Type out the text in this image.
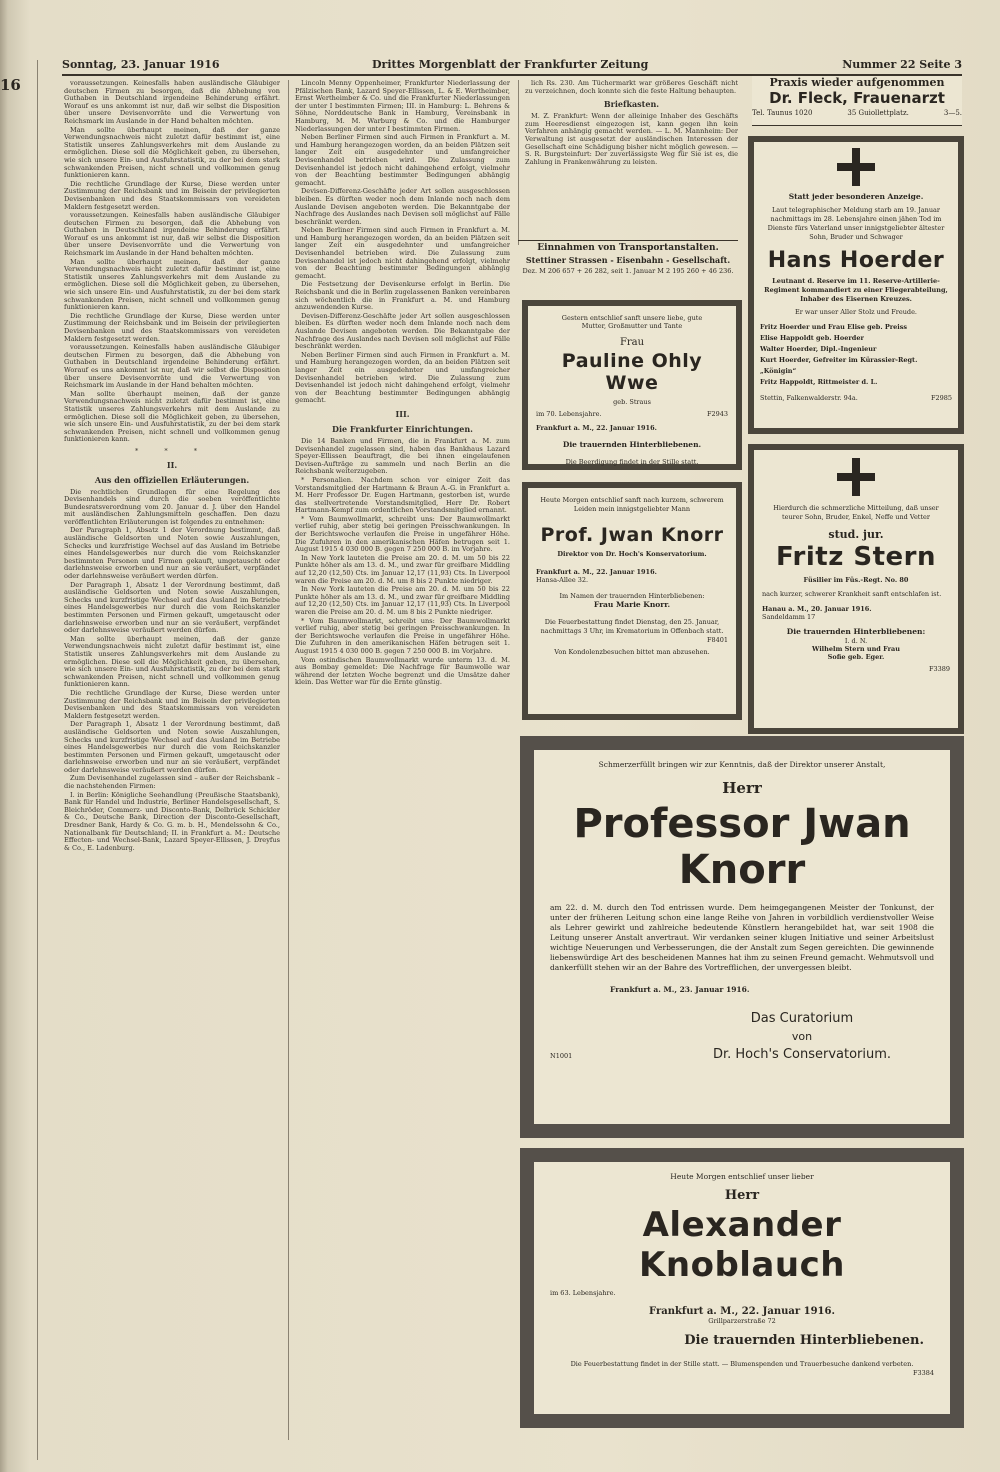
16
Sonntag, 23. Januar 1916	Drittes Morgenblatt der Frankfurter Zeitung	Nummer 22 Seite 3

voraussetzungen. Keinesfalls haben ausländische Gläubiger deutschen Firmen zu besorgen, daß die Abhebung von Guthaben in Deutschland irgendeine Behinderung erfährt. Worauf es uns ankommt ist nur, daß wir selbst die Disposition über unsere Devisenvorräte und die Verwertung von Reichsmark im Auslande in der Hand behalten möchten.

Man sollte überhaupt meinen, daß der ganze Verwendungsnachweis nicht zuletzt dafür bestimmt ist, eine Statistik unseres Zahlungsverkehrs mit dem Auslande zu ermöglichen. Diese soll die Möglichkeit geben, zu übersehen, wie sich unsere Ein- und Ausfuhrstatistik, zu der bei dem stark schwankenden Preisen, nicht schnell und vollkommen genug funktionieren kann.

Die rechtliche Grundlage der Kurse, Diese werden unter Zustimmung der Reichsbank und im Beisein der privilegierten Devisenbanken und des Staatskommissars von vereideten Maklern festgesetzt werden.

voraussetzungen. Keinesfalls haben ausländische Gläubiger deutschen Firmen zu besorgen, daß die Abhebung von Guthaben in Deutschland irgendeine Behinderung erfährt. Worauf es uns ankommt ist nur, daß wir selbst die Disposition über unsere Devisenvorräte und die Verwertung von Reichsmark im Auslande in der Hand behalten möchten.

Man sollte überhaupt meinen, daß der ganze Verwendungsnachweis nicht zuletzt dafür bestimmt ist, eine Statistik unseres Zahlungsverkehrs mit dem Auslande zu ermöglichen. Diese soll die Möglichkeit geben, zu übersehen, wie sich unsere Ein- und Ausfuhrstatistik, zu der bei dem stark schwankenden Preisen, nicht schnell und vollkommen genug funktionieren kann.

Die rechtliche Grundlage der Kurse, Diese werden unter Zustimmung der Reichsbank und im Beisein der privilegierten Devisenbanken und des Staatskommissars von vereideten Maklern festgesetzt werden.

voraussetzungen. Keinesfalls haben ausländische Gläubiger deutschen Firmen zu besorgen, daß die Abhebung von Guthaben in Deutschland irgendeine Behinderung erfährt. Worauf es uns ankommt ist nur, daß wir selbst die Disposition über unsere Devisenvorräte und die Verwertung von Reichsmark im Auslande in der Hand behalten möchten.

Man sollte überhaupt meinen, daß der ganze Verwendungsnachweis nicht zuletzt dafür bestimmt ist, eine Statistik unseres Zahlungsverkehrs mit dem Auslande zu ermöglichen. Diese soll die Möglichkeit geben, zu übersehen, wie sich unsere Ein- und Ausfuhrstatistik, zu der bei dem stark schwankenden Preisen, nicht schnell und vollkommen genug funktionieren kann.

* * *
II.
Aus den offiziellen Erläuterungen.

Die rechtlichen Grundlagen für eine Regelung des Devisenhandels sind durch die soeben veröffentlichte Bundesratsverordnung vom 20. Januar d. J. über den Handel mit ausländischen Zahlungsmitteln geschaffen. Den dazu veröffentlichten Erläuterungen ist folgendes zu entnehmen:

Der Paragraph 1, Absatz 1 der Verordnung bestimmt, daß ausländische Geldsorten und Noten sowie Auszahlungen, Schecks und kurzfristige Wechsel auf das Ausland im Betriebe eines Handelsgewerbes nur durch die vom Reichskanzler bestimmten Personen und Firmen gekauft, umgetauscht oder darlehnsweise erworben und nur an sie veräußert, verpfändet oder darlehnsweise veräußert werden dürfen.

Der Paragraph 1, Absatz 1 der Verordnung bestimmt, daß ausländische Geldsorten und Noten sowie Auszahlungen, Schecks und kurzfristige Wechsel auf das Ausland im Betriebe eines Handelsgewerbes nur durch die vom Reichskanzler bestimmten Personen und Firmen gekauft, umgetauscht oder darlehnsweise erworben und nur an sie veräußert, verpfändet oder darlehnsweise veräußert werden dürfen.

Man sollte überhaupt meinen, daß der ganze Verwendungsnachweis nicht zuletzt dafür bestimmt ist, eine Statistik unseres Zahlungsverkehrs mit dem Auslande zu ermöglichen. Diese soll die Möglichkeit geben, zu übersehen, wie sich unsere Ein- und Ausfuhrstatistik, zu der bei dem stark schwankenden Preisen, nicht schnell und vollkommen genug funktionieren kann.

Die rechtliche Grundlage der Kurse, Diese werden unter Zustimmung der Reichsbank und im Beisein der privilegierten Devisenbanken und des Staatskommissars von vereideten Maklern festgesetzt werden.

Der Paragraph 1, Absatz 1 der Verordnung bestimmt, daß ausländische Geldsorten und Noten sowie Auszahlungen, Schecks und kurzfristige Wechsel auf das Ausland im Betriebe eines Handelsgewerbes nur durch die vom Reichskanzler bestimmten Personen und Firmen gekauft, umgetauscht oder darlehnsweise erworben und nur an sie veräußert, verpfändet oder darlehnsweise veräußert werden dürfen.

Zum Devisenhandel zugelassen sind – außer der Reichsbank – die nachstehenden Firmen:

I. in Berlin: Königliche Seehandlung (Preußische Staatsbank), Bank für Handel und Industrie, Berliner Handelsgesellschaft, S. Bleichröder, Commerz- und Disconto-Bank, Delbrück Schickler & Co., Deutsche Bank, Direction der Disconto-Gesellschaft, Dresdner Bank, Hardy & Co. G. m. b. H., Mendelssohn & Co., Nationalbank für Deutschland; II. in Frankfurt a. M.: Deutsche Effecten- und Wechsel-Bank, Lazard Speyer-Ellissen, J. Dreyfus & Co., E. Ladenburg.

Lincoln Menny Oppenheimer, Frankfurter Niederlassung der Pfälzischen Bank, Lazard Speyer-Ellissen, L. & E. Wertheimber, Ernst Wertheimber & Co. und die Frankfurter Niederlassungen der unter I bestimmten Firmen; III. in Hamburg: L. Behrens & Söhne, Norddeutsche Bank in Hamburg, Vereinsbank in Hamburg, M. M. Warburg & Co. und die Hamburger Niederlassungen der unter I bestimmten Firmen.

Neben Berliner Firmen sind auch Firmen in Frankfurt a. M. und Hamburg herangezogen worden, da an beiden Plätzen seit langer Zeit ein ausgedehnter und umfangreicher Devisenhandel betrieben wird. Die Zulassung zum Devisenhandel ist jedoch nicht dahingehend erfolgt, vielmehr von der Beachtung bestimmter Bedingungen abhängig gemacht.

Devisen-Differenz-Geschäfte jeder Art sollen ausgeschlossen bleiben. Es dürften weder noch dem Inlande noch nach dem Auslande Devisen angeboten werden. Die Bekanntgabe der Nachfrage des Auslandes nach Devisen soll möglichst auf Fälle beschränkt werden.

Neben Berliner Firmen sind auch Firmen in Frankfurt a. M. und Hamburg herangezogen worden, da an beiden Plätzen seit langer Zeit ein ausgedehnter und umfangreicher Devisenhandel betrieben wird. Die Zulassung zum Devisenhandel ist jedoch nicht dahingehend erfolgt, vielmehr von der Beachtung bestimmter Bedingungen abhängig gemacht.

Die Festsetzung der Devisenkurse erfolgt in Berlin. Die Reichsbank und die in Berlin zugelassenen Banken vereinbaren sich wöchentlich die in Frankfurt a. M. und Hamburg anzuwendenden Kurse.

Devisen-Differenz-Geschäfte jeder Art sollen ausgeschlossen bleiben. Es dürften weder noch dem Inlande noch nach dem Auslande Devisen angeboten werden. Die Bekanntgabe der Nachfrage des Auslandes nach Devisen soll möglichst auf Fälle beschränkt werden.

Neben Berliner Firmen sind auch Firmen in Frankfurt a. M. und Hamburg herangezogen worden, da an beiden Plätzen seit langer Zeit ein ausgedehnter und umfangreicher Devisenhandel betrieben wird. Die Zulassung zum Devisenhandel ist jedoch nicht dahingehend erfolgt, vielmehr von der Beachtung bestimmter Bedingungen abhängig gemacht.

III.
Die Frankfurter Einrichtungen.

Die 14 Banken und Firmen, die in Frankfurt a. M. zum Devisenhandel zugelassen sind, haben das Bankhaus Lazard Speyer-Ellissen beauftragt, die bei ihnen eingelaufenen Devisen-Aufträge zu sammeln und nach Berlin an die Reichsbank weiterzugeben.

* Personalien. Nachdem schon vor einiger Zeit das Vorstandsmitglied der Hartmann & Braun A.-G. in Frankfurt a. M. Herr Professor Dr. Eugen Hartmann, gestorben ist, wurde das stellvertretende Vorstandsmitglied, Herr Dr. Robert Hartmann-Kempf zum ordentlichen Vorstandsmitglied ernannt.

* Vom Baumwollmarkt, schreibt uns: Der Baumwollmarkt verlief ruhig, aber stetig bei geringen Preisschwankungen. In der Berichtswoche verlaufen die Preise in ungefährer Höhe. Die Zufuhren in den amerikanischen Häfen betrugen seit 1. August 1915 4 030 000 B. gegen 7 250 000 B. im Vorjahre.

In New York lauteten die Preise am 20. d. M. um 50 bis 22 Punkte höher als am 13. d. M., und zwar für greifbare Middling auf 12,20 (12,50) Cts. im Januar 12,17 (11,93) Cts. In Liverpool waren die Preise am 20. d. M. um 8 bis 2 Punkte niedriger.

In New York lauteten die Preise am 20. d. M. um 50 bis 22 Punkte höher als am 13. d. M., und zwar für greifbare Middling auf 12,20 (12,50) Cts. im Januar 12,17 (11,93) Cts. In Liverpool waren die Preise am 20. d. M. um 8 bis 2 Punkte niedriger.

* Vom Baumwollmarkt, schreibt uns: Der Baumwollmarkt verlief ruhig, aber stetig bei geringen Preisschwankungen. In der Berichtswoche verlaufen die Preise in ungefährer Höhe. Die Zufuhren in den amerikanischen Häfen betrugen seit 1. August 1915 4 030 000 B. gegen 7 250 000 B. im Vorjahre.

Vom ostindischen Baumwollmarkt wurde unterm 13. d. M. aus Bombay gemeldet: Die Nachfrage für Baumwolle war während der letzten Woche begrenzt und die Umsätze daher klein. Das Wetter war für die Ernte günstig.

lich Rs. 230. Am Tüchermarkt war größeres Geschäft nicht zu verzeichnen, doch konnte sich die feste Haltung behaupten.

Briefkasten.

M. Z. Frankfurt: Wenn der alleinige Inhaber des Geschäfts zum Heeresdienst eingezogen ist, kann gegen ihn kein Verfahren anhängig gemacht werden. — L. M. Mannheim: Der Verwaltung ist ausgesetzt der ausländischen Interessen der Gesellschaft eine Schädigung bisher nicht möglich gewesen. — S. R. Burgsteinfurt: Der zuverlässigste Weg für Sie ist es, die Zahlung in Frankenwährung zu leisten.

Einnahmen von Transportanstalten.
Stettiner Strassen - Eisenbahn - Gesellschaft.
Dez. M 206 657 + 26 282, seit 1. Januar M 2 195 260 + 46 236.
Praxis wieder aufgenommen
Dr. Fleck, Frauenarzt
Tel. Taunus 1020	35 Guiollettplatz.	3—5.
Statt jeder besonderen Anzeige.
Laut telegraphischer Meldung starb am 19. Januar nachmittags im 28. Lebensjahre einen jähen Tod im Dienste fürs Vaterland unser innigstgeliebter ältester Sohn, Bruder und Schwager
Hans Hoerder
Leutnant d. Reserve im 11. Reserve-Artillerie-Regiment kommandiert zu einer Fliegerabteilung, Inhaber des Eisernen Kreuzes.
Er war unser Aller Stolz und Freude.
Fritz Hoerder und Frau Elise geb. Preiss
Elise Happoldt geb. Hoerder
Walter Hoerder, Dipl.-Ingenieur
Kurt Hoerder, Gefreiter im Kürassier-Regt. „Königin“
Fritz Happoldt, Rittmeister d. L.
Stettin, Falkenwalderstr. 94a.	F2985
Gestern entschlief sanft unsere liebe, gute
Mutter, Großmutter und Tante
Frau
Pauline Ohly Wwe
geb. Straus
im 70. Lebensjahre.	F2943
Frankfurt a. M., 22. Januar 1916.
Die trauernden Hinterbliebenen.
Die Beerdigung findet in der Stille statt.
Heute Morgen entschlief sanft nach kurzem, schwerem Leiden mein innigstgeliebter Mann
Prof. Jwan Knorr
Direktor von Dr. Hoch's Konservatorium.
Frankfurt a. M., 22. Januar 1916.
Hansa-Allee 32.
Im Namen der trauernden Hinterbliebenen:
Frau Marie Knorr.
Die Feuerbestattung findet Dienstag, den 25. Januar, nachmittags 3 Uhr, im Krematorium in Offenbach statt.
F8401
Von Kondolenzbesuchen bittet man abzusehen.
Hierdurch die schmerzliche Mitteilung, daß unser teurer Sohn, Bruder, Enkel, Neffe und Vetter
stud. jur.
Fritz Stern
Füsilier im Füs.-Regt. No. 80
nach kurzer, schwerer Krankheit sanft entschlafen ist.
Hanau a. M., 20. Januar 1916.
Sandeldamm 17
Die trauernden Hinterbliebenen:
I. d. N.
Wilhelm Stern und Frau
Sofie geb. Eger.
F3389
Schmerzerfüllt bringen wir zur Kenntnis, daß der Direktor unserer Anstalt,
Herr
Professor Jwan Knorr
am 22. d. M. durch den Tod entrissen wurde. Dem heimgegangenen Meister der Tonkunst, der unter der früheren Leitung schon eine lange Reihe von Jahren in vorbildlich verdienstvoller Weise als Lehrer gewirkt und zahlreiche bedeutende Künstlern herangebildet hat, war seit 1908 die Leitung unserer Anstalt anvertraut. Wir verdanken seiner klugen Initiative und seiner Arbeitslust wichtige Neuerungen und Verbesserungen, die der Anstalt zum Segen gereichten. Die gewinnende liebenswürdige Art des bescheidenen Mannes hat ihm zu seinen Freund gemacht. Wehmutsvoll und dankerfüllt stehen wir an der Bahre des Vortrefflichen, der unvergessen bleibt.
Frankfurt a. M., 23. Januar 1916.
Das Curatorium
von
Dr. Hoch's Conservatorium.
N1001
Heute Morgen entschlief unser lieber
Herr
Alexander Knoblauch
im 63. Lebensjahre.
Frankfurt a. M., 22. Januar 1916.
Grillparzerstraße 72
Die trauernden Hinterbliebenen.
Die Feuerbestattung findet in der Stille statt. — Blumenspenden und Trauerbesuche dankend verbeten.
F3384
